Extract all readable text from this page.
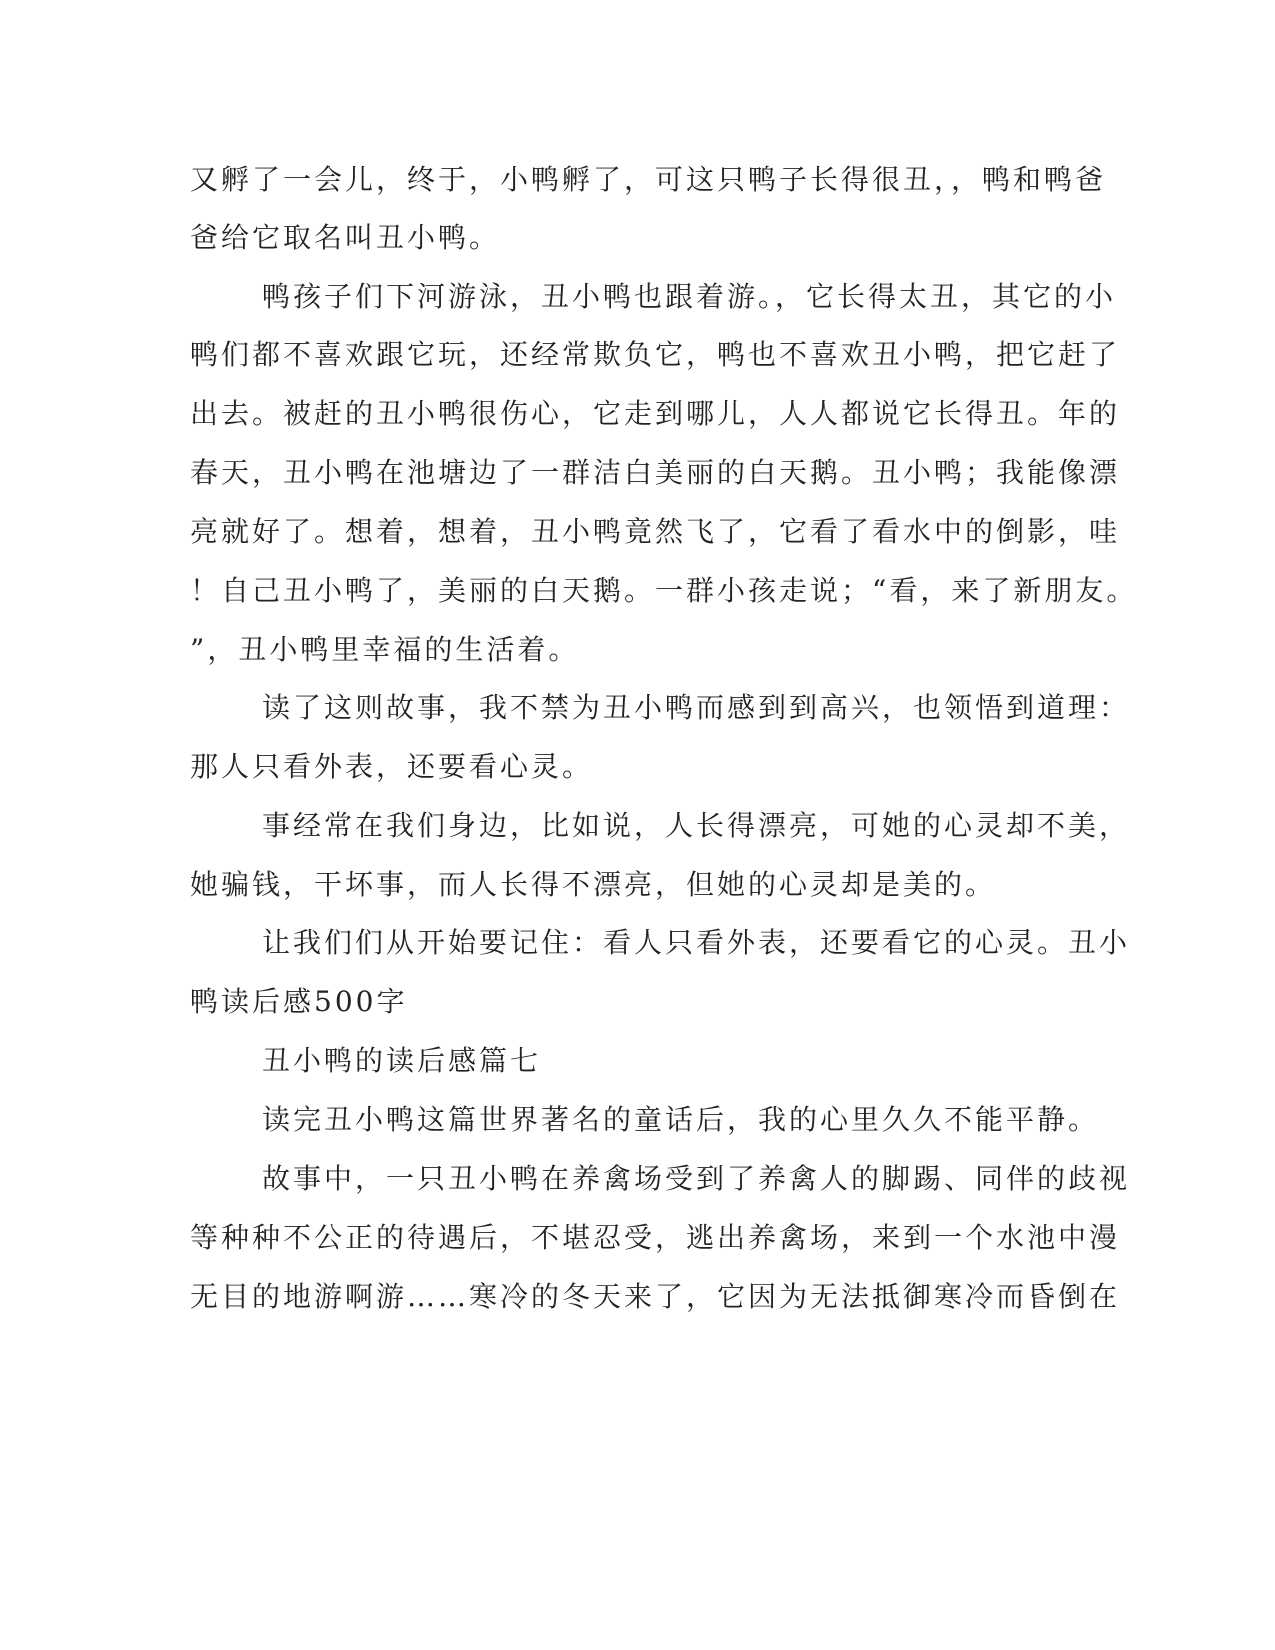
又孵了一会儿，终于，小鸭孵了，可这只鸭子长得很丑，，鸭和鸭爸
爸给它取名叫丑小鸭。
鸭孩子们下河游泳，丑小鸭也跟着游。，它长得太丑，其它的小
鸭们都不喜欢跟它玩，还经常欺负它，鸭也不喜欢丑小鸭，把它赶了
出去。被赶的丑小鸭很伤心，它走到哪儿，人人都说它长得丑。年的
春天，丑小鸭在池塘边了一群洁白美丽的白天鹅。丑小鸭；我能像漂
亮就好了。想着，想着，丑小鸭竟然飞了，它看了看水中的倒影，哇
！自己丑小鸭了，美丽的白天鹅。一群小孩走说；“看，来了新朋友。
”，丑小鸭里幸福的生活着。
读了这则故事，我不禁为丑小鸭而感到到高兴，也领悟到道理：
那人只看外表，还要看心灵。
事经常在我们身边，比如说，人长得漂亮，可她的心灵却不美，
她骗钱，干坏事，而人长得不漂亮，但她的心灵却是美的。
让我们们从开始要记住：看人只看外表，还要看它的心灵。丑小
鸭读后感500字
丑小鸭的读后感篇七
读完丑小鸭这篇世界著名的童话后，我的心里久久不能平静。
故事中，一只丑小鸭在养禽场受到了养禽人的脚踢、同伴的歧视
等种种不公正的待遇后，不堪忍受，逃出养禽场，来到一个水池中漫
无目的地游啊游……寒冷的冬天来了，它因为无法抵御寒冷而昏倒在
